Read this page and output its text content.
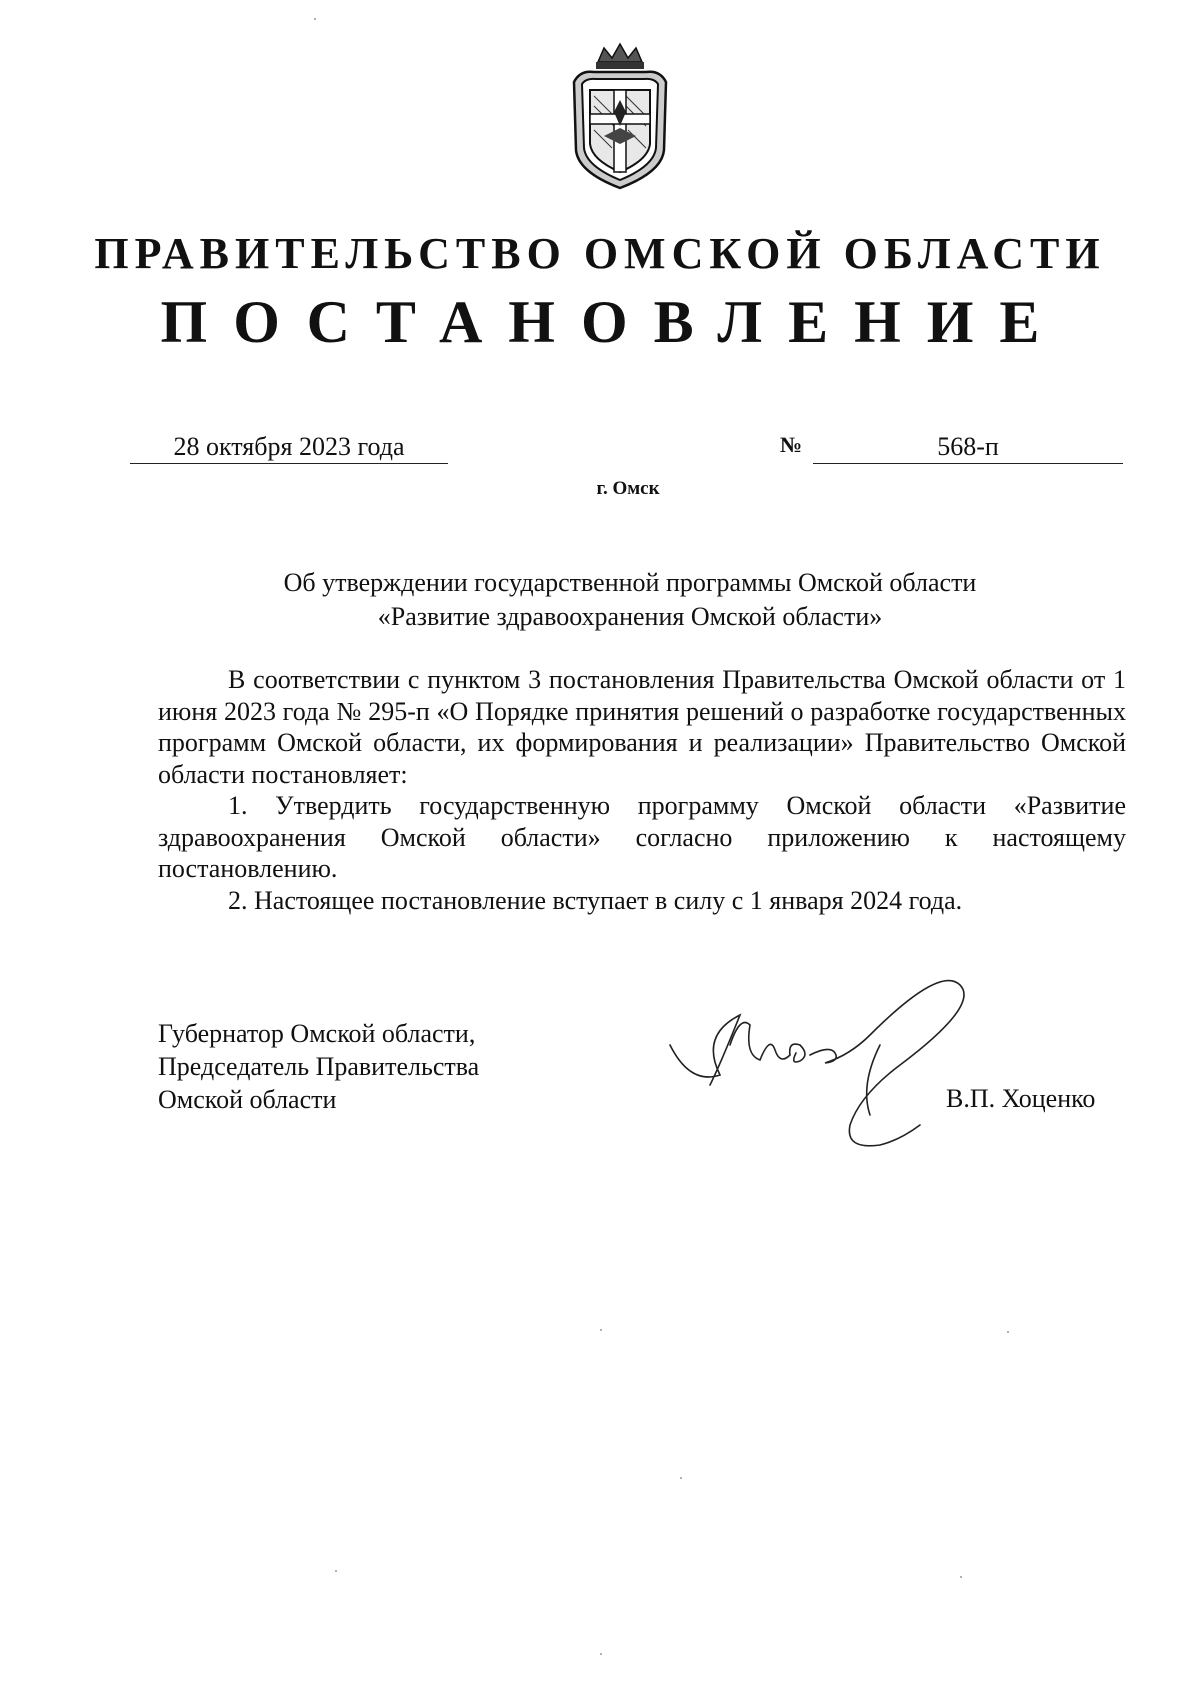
ПРАВИТЕЛЬСТВО ОМСКОЙ ОБЛАСТИ
ПОСТАНОВЛЕНИЕ
28 октября 2023 года	№	568-п
г. Омск
Об утверждении государственной программы Омской области
«Развитие здравоохранения Омской области»

В соответствии с пунктом 3 постановления Правительства Омской области от 1 июня 2023 года № 295-п «О Порядке принятия решений о разработке государственных программ Омской области, их формирования и реализации» Правительство Омской области постановляет:

1. Утвердить государственную программу Омской области «Развитие здравоохранения Омской области» согласно приложению к настоящему постановлению.

2. Настоящее постановление вступает в силу с 1 января 2024 года.

Губернатор Омской области,
Председатель Правительства
Омской области	В.П. Хоценко
